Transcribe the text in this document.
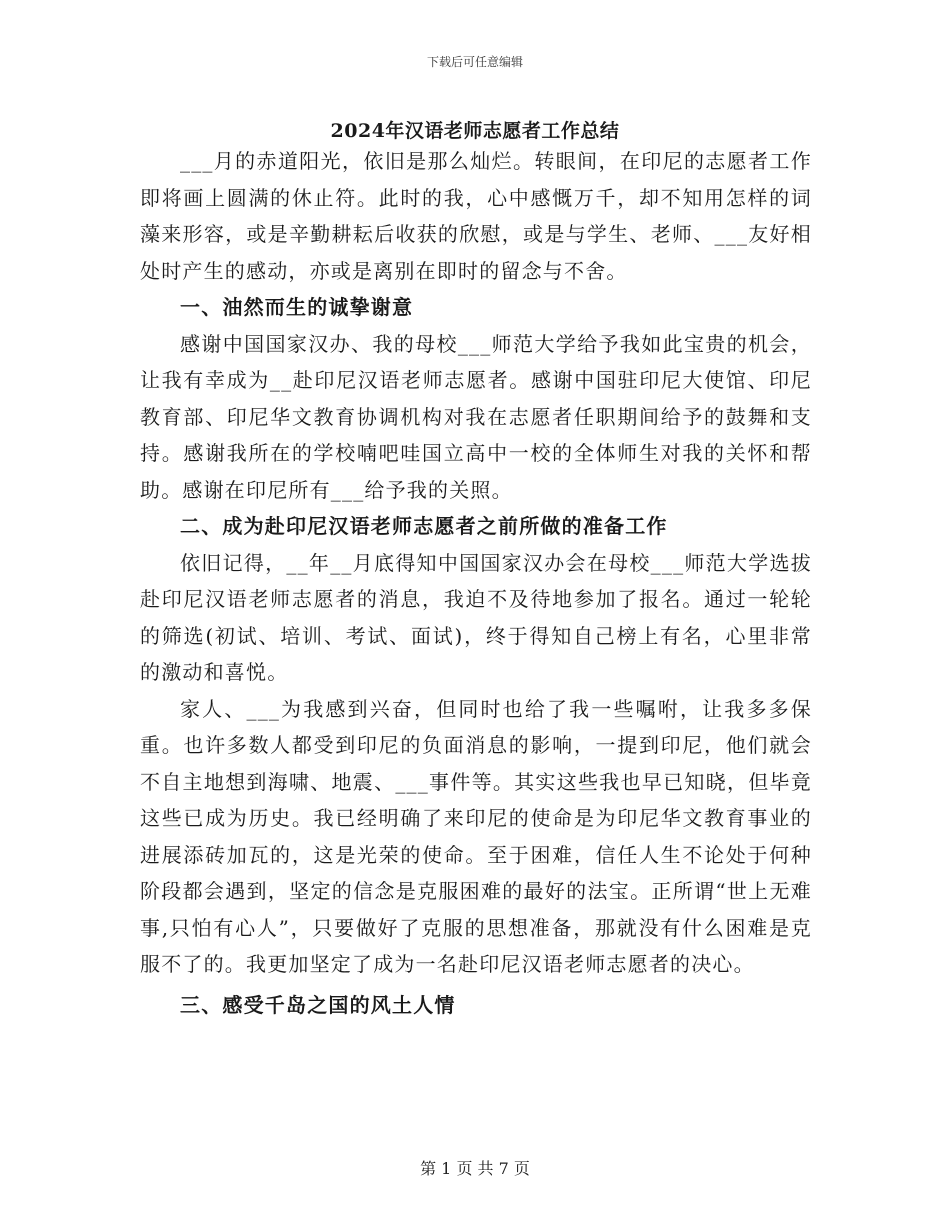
下载后可任意编辑
2024年汉语老师志愿者工作总结

___月的赤道阳光，依旧是那么灿烂。转眼间，在印尼的志愿者工作即将画上圆满的休止符。此时的我，心中感慨万千，却不知用怎样的词藻来形容，或是辛勤耕耘后收获的欣慰，或是与学生、老师、___友好相处时产生的感动，亦或是离别在即时的留念与不舍。

一、油然而生的诚挚谢意

感谢中国国家汉办、我的母校___师范大学给予我如此宝贵的机会，让我有幸成为__赴印尼汉语老师志愿者。感谢中国驻印尼大使馆、印尼教育部、印尼华文教育协调机构对我在志愿者任职期间给予的鼓舞和支持。感谢我所在的学校喃吧哇国立高中一校的全体师生对我的关怀和帮助。感谢在印尼所有___给予我的关照。

二、成为赴印尼汉语老师志愿者之前所做的准备工作

依旧记得，__年__月底得知中国国家汉办会在母校___师范大学选拔赴印尼汉语老师志愿者的消息，我迫不及待地参加了报名。通过一轮轮的筛选(初试、培训、考试、面试)，终于得知自己榜上有名，心里非常的激动和喜悦。

家人、___为我感到兴奋，但同时也给了我一些嘱咐，让我多多保重。也许多数人都受到印尼的负面消息的影响，一提到印尼，他们就会不自主地想到海啸、地震、___事件等。其实这些我也早已知晓，但毕竟这些已成为历史。我已经明确了来印尼的使命是为印尼华文教育事业的进展添砖加瓦的，这是光荣的使命。至于困难，信任人生不论处于何种阶段都会遇到，坚定的信念是克服困难的最好的法宝。正所谓“世上无难事,只怕有心人”，只要做好了克服的思想准备，那就没有什么困难是克服不了的。我更加坚定了成为一名赴印尼汉语老师志愿者的决心。

三、感受千岛之国的风土人情
第 1 页 共 7 页
